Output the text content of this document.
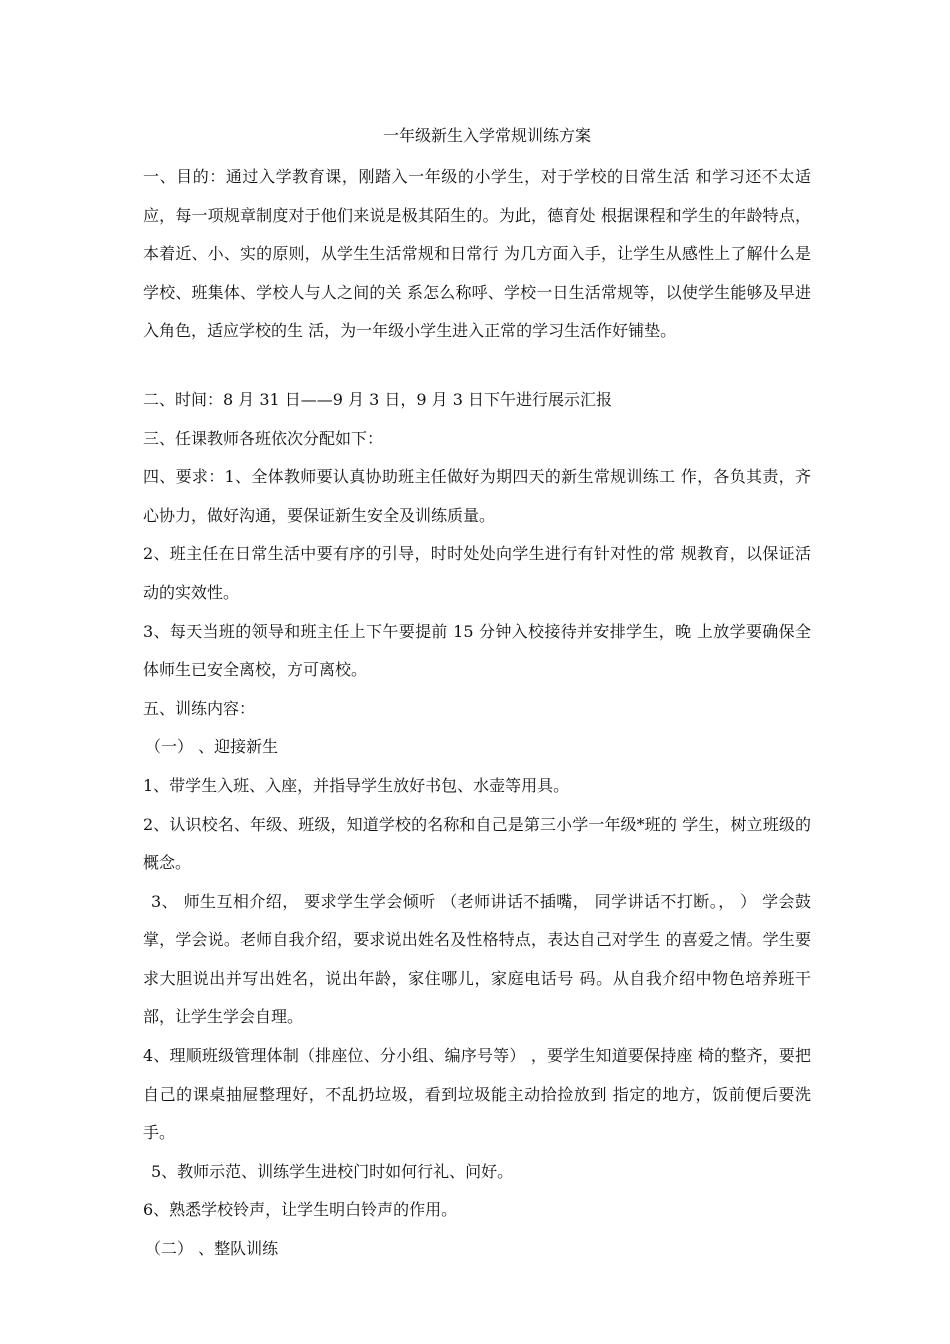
一年级新生入学常规训练方案

一、目的：通过入学教育课，刚踏入一年级的小学生，对于学校的日常生活 和学习还不太适应，每一项规章制度对于他们来说是极其陌生的。为此，德育处 根据课程和学生的年龄特点，本着近、小、实的原则，从学生生活常规和日常行 为几方面入手，让学生从感性上了解什么是学校、班集体、学校人与人之间的关 系怎么称呼、学校一日生活常规等，以使学生能够及早进入角色，适应学校的生 活，为一年级小学生进入正常的学习生活作好铺垫。

二、时间：8 月 31 日——9 月 3 日，9 月 3 日下午进行展示汇报

三、任课教师各班依次分配如下：

四、要求：1、全体教师要认真协助班主任做好为期四天的新生常规训练工 作，各负其责，齐心协力，做好沟通，要保证新生安全及训练质量。

2、班主任在日常生活中要有序的引导，时时处处向学生进行有针对性的常 规教育，以保证活动的实效性。

3、每天当班的领导和班主任上下午要提前 15 分钟入校接待并安排学生，晚 上放学要确保全体师生已安全离校，方可离校。

五、训练内容：

（一） 、迎接新生

1、带学生入班、入座，并指导学生放好书包、水壶等用具。

2、认识校名、年级、班级，知道学校的名称和自己是第三小学一年级*班的 学生，树立班级的概念。

3、 师生互相介绍， 要求学生学会倾听 （老师讲话不插嘴， 同学讲话不打断。， ） 学会鼓掌，学会说。老师自我介绍，要求说出姓名及性格特点，表达自己对学生 的喜爱之情。学生要求大胆说出并写出姓名，说出年龄，家住哪儿，家庭电话号 码。从自我介绍中物色培养班干部，让学生学会自理。

4、理顺班级管理体制（排座位、分小组、编序号等） ，要学生知道要保持座 椅的整齐，要把自己的课桌抽屉整理好，不乱扔垃圾，看到垃圾能主动拾捡放到 指定的地方，饭前便后要洗手。

5、教师示范、训练学生进校门时如何行礼、问好。

6、熟悉学校铃声，让学生明白铃声的作用。

（二） 、整队训练
